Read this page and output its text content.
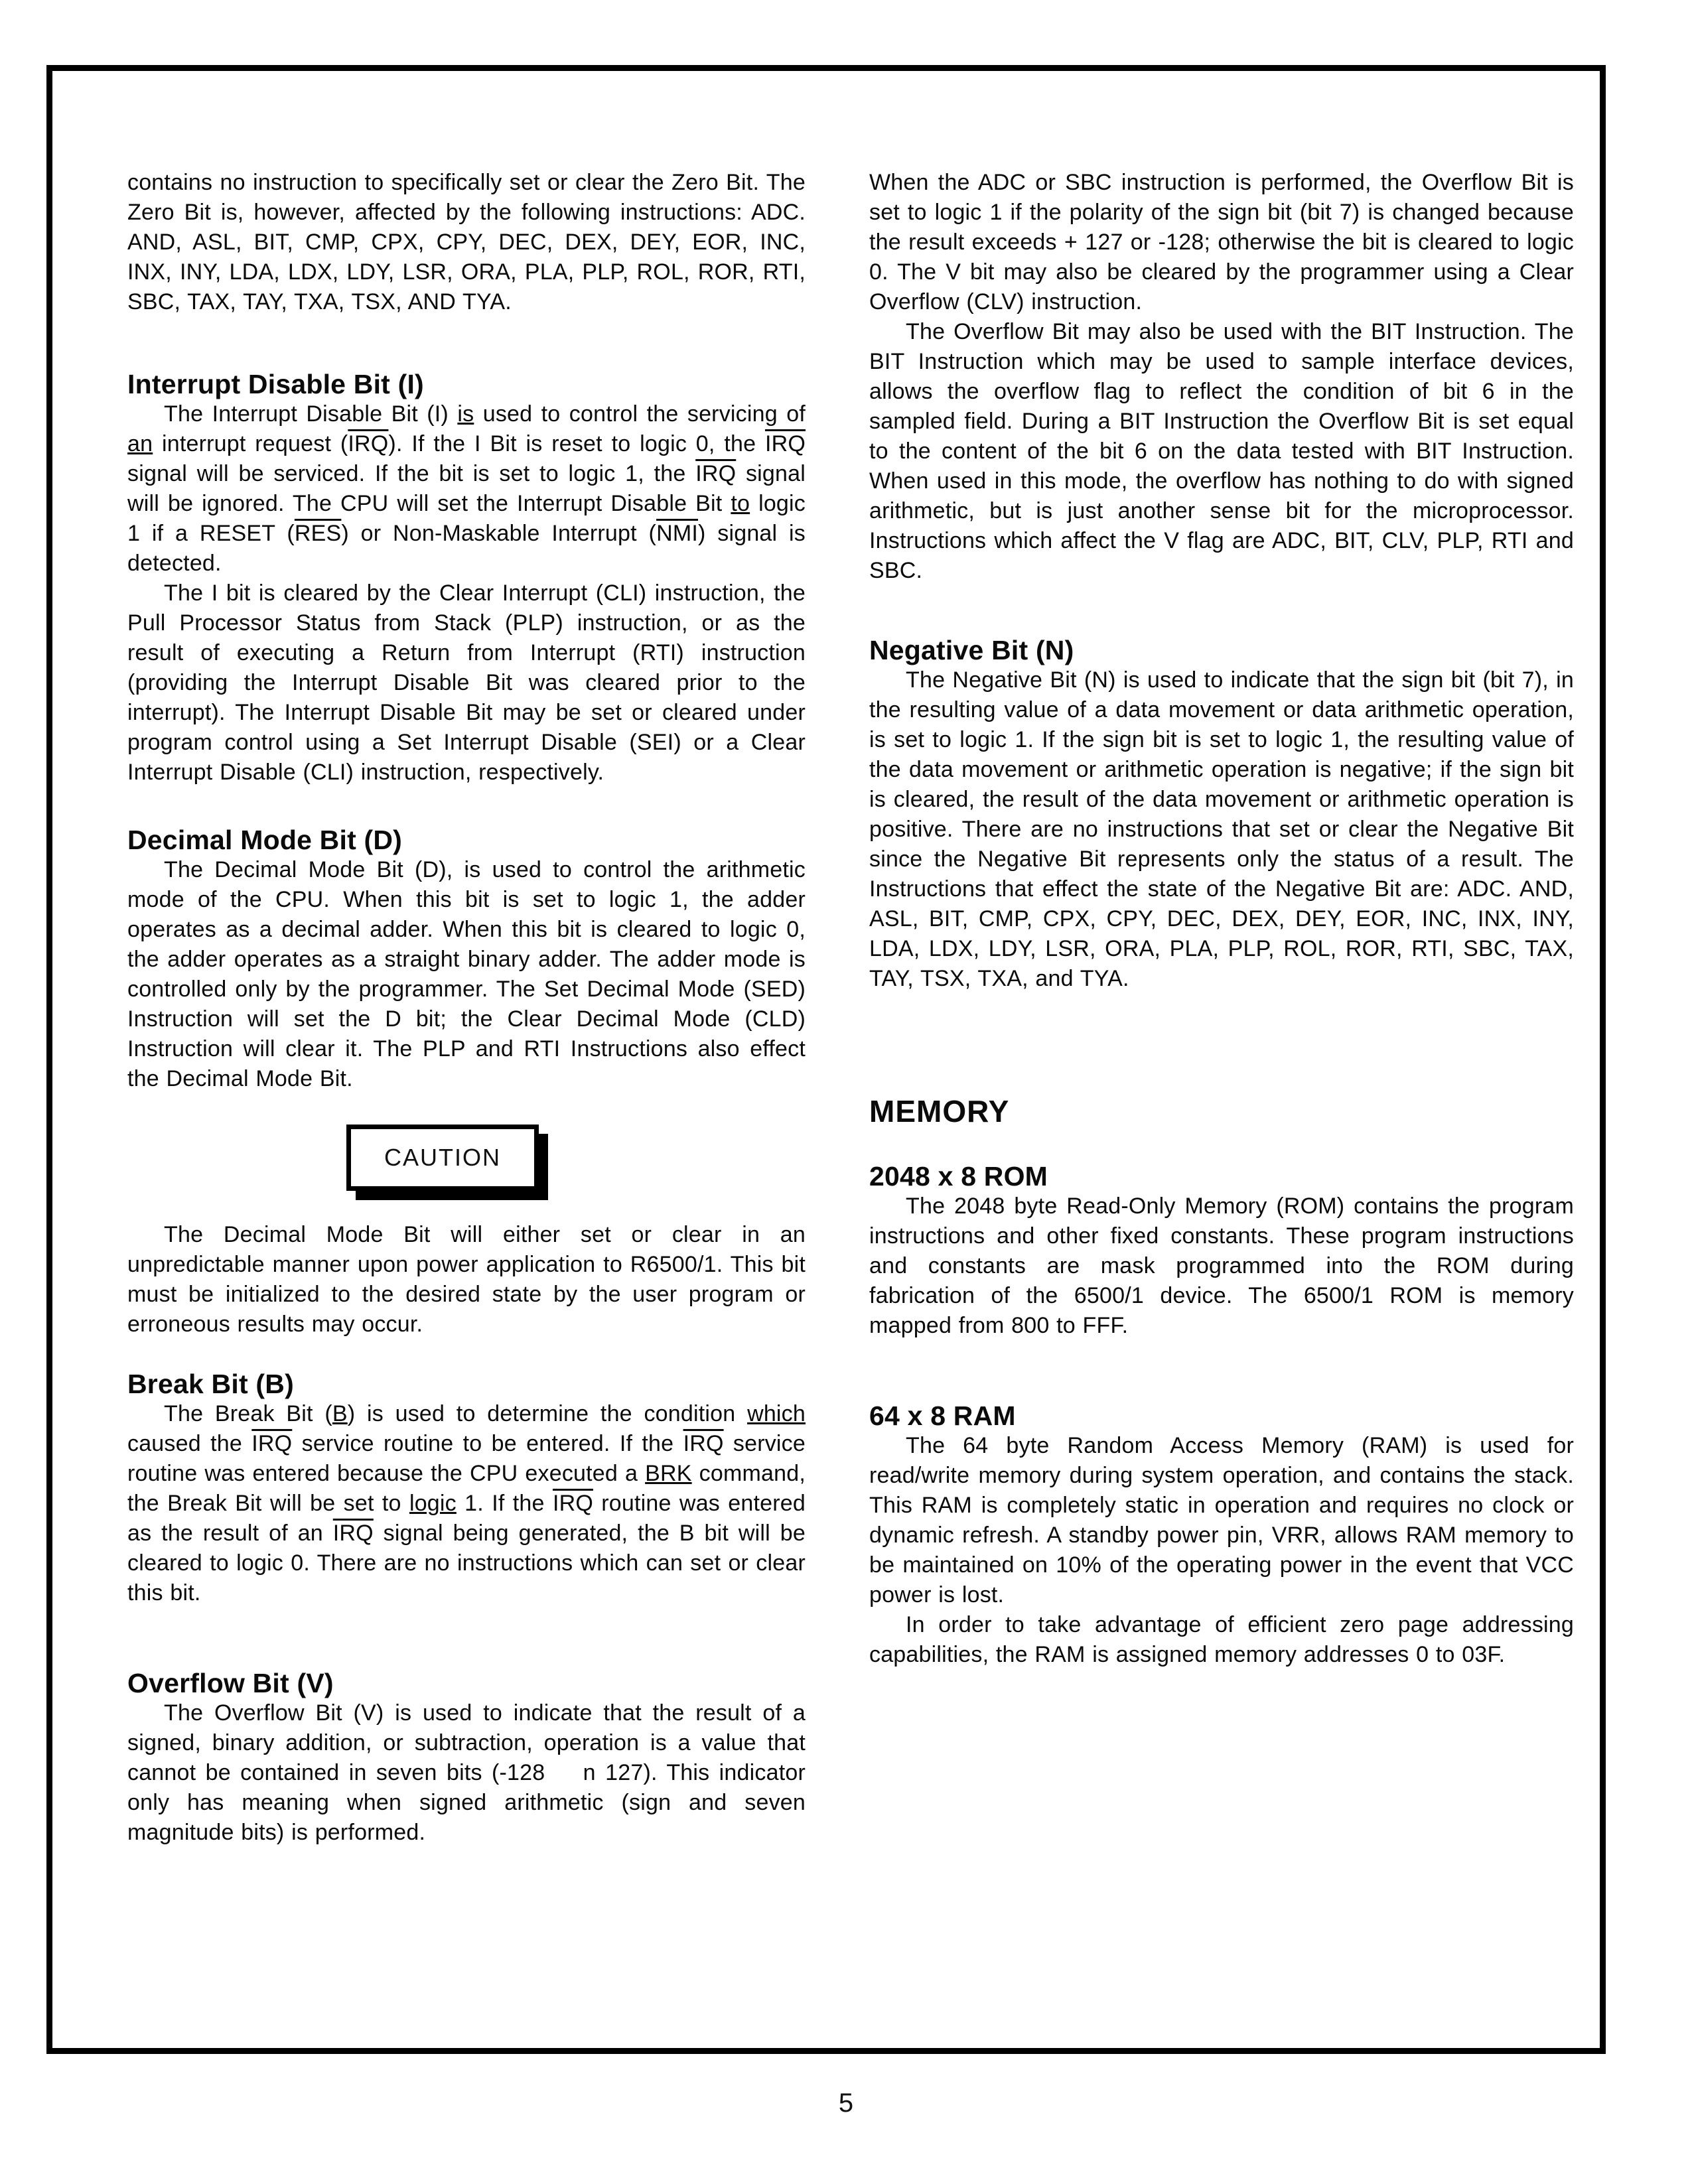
contains no instruction to specifically set or clear the Zero Bit. The Zero Bit is, however, affected by the following instructions: ADC. AND, ASL, BIT, CMP, CPX, CPY, DEC, DEX, DEY, EOR, INC, INX, INY, LDA, LDX, LDY, LSR, ORA, PLA, PLP, ROL, ROR, RTI, SBC, TAX, TAY, TXA, TSX, AND TYA.

Interrupt Disable Bit (I)

The Interrupt Disable Bit (I) is used to control the servicing of an interrupt request $(\overline{IRQ})$. If the I Bit is reset to logic 0, the $\overline{IRQ}$ signal will be serviced. If the bit is set to logic 1, the $\overline{IRQ}$ signal will be ignored. The CPU will set the Interrupt Disable Bit to logic 1 if a RESET $(\overline{RES})$ or Non-Maskable Interrupt $(\overline{NMI})$ signal is detected.

The I bit is cleared by the Clear Interrupt (CLI) instruction, the Pull Processor Status from Stack (PLP) instruction, or as the result of executing a Return from Interrupt (RTI) instruction (providing the Interrupt Disable Bit was cleared prior to the interrupt). The Interrupt Disable Bit may be set or cleared under program control using a Set Interrupt Disable (SEI) or a Clear Interrupt Disable (CLI) instruction, respectively.

Decimal Mode Bit (D)

The Decimal Mode Bit (D), is used to control the arithmetic mode of the CPU. When this bit is set to logic 1, the adder operates as a decimal adder. When this bit is cleared to logic 0, the adder operates as a straight binary adder. The adder mode is controlled only by the programmer. The Set Decimal Mode (SED) Instruction will set the D bit; the Clear Decimal Mode (CLD) Instruction will clear it. The PLP and RTI Instructions also effect the Decimal Mode Bit.

CAUTION

The Decimal Mode Bit will either set or clear in an unpredictable manner upon power application to R6500/1. This bit must be initialized to the desired state by the user program or erroneous results may occur.

Break Bit (B)

The Break Bit (B) is used to determine the condition which caused the $\overline{IRQ}$ service routine to be entered. If the $\overline{IRQ}$ service routine was entered because the CPU executed a BRK command, the Break Bit will be set to logic 1. If the $\overline{IRQ}$ routine was entered as the result of an $\overline{IRQ}$ signal being generated, the B bit will be cleared to logic 0. There are no instructions which can set or clear this bit.

Overflow Bit (V)

The Overflow Bit (V) is used to indicate that the result of a signed, binary addition, or subtraction, operation is a value that cannot be contained in seven bits (-128    n 127). This indicator only has meaning when signed arithmetic (sign and seven magnitude bits) is performed.

When the ADC or SBC instruction is performed, the Overflow Bit is set to logic 1 if the polarity of the sign bit (bit 7) is changed because the result exceeds + 127 or -128; otherwise the bit is cleared to logic 0. The V bit may also be cleared by the programmer using a Clear Overflow (CLV) instruction.

The Overflow Bit may also be used with the BIT Instruction. The BIT Instruction which may be used to sample interface devices, allows the overflow flag to reflect the condition of bit 6 in the sampled field. During a BIT Instruction the Overflow Bit is set equal to the content of the bit 6 on the data tested with BIT Instruction. When used in this mode, the overflow has nothing to do with signed arithmetic, but is just another sense bit for the microprocessor. Instructions which affect the V flag are ADC, BIT, CLV, PLP, RTI and SBC.

Negative Bit (N)

The Negative Bit (N) is used to indicate that the sign bit (bit 7), in the resulting value of a data movement or data arithmetic operation, is set to logic 1. If the sign bit is set to logic 1, the resulting value of the data movement or arithmetic operation is negative; if the sign bit is cleared, the result of the data movement or arithmetic operation is positive. There are no instructions that set or clear the Negative Bit since the Negative Bit represents only the status of a result. The Instructions that effect the state of the Negative Bit are: ADC. AND, ASL, BIT, CMP, CPX, CPY, DEC, DEX, DEY, EOR, INC, INX, INY, LDA, LDX, LDY, LSR, ORA, PLA, PLP, ROL, ROR, RTI, SBC, TAX, TAY, TSX, TXA, and TYA.

MEMORY
2048 x 8 ROM

The 2048 byte Read-Only Memory (ROM) contains the program instructions and other fixed constants. These program instructions and constants are mask programmed into the ROM during fabrication of the 6500/1 device. The 6500/1 ROM is memory mapped from 800 to FFF.

64 x 8 RAM

The 64 byte Random Access Memory (RAM) is used for read/write memory during system operation, and contains the stack. This RAM is completely static in operation and requires no clock or dynamic refresh. A standby power pin, VRR, allows RAM memory to be maintained on 10% of the operating power in the event that VCC power is lost.

In order to take advantage of efficient zero page addressing capabilities, the RAM is assigned memory addresses 0 to 03F.

5
